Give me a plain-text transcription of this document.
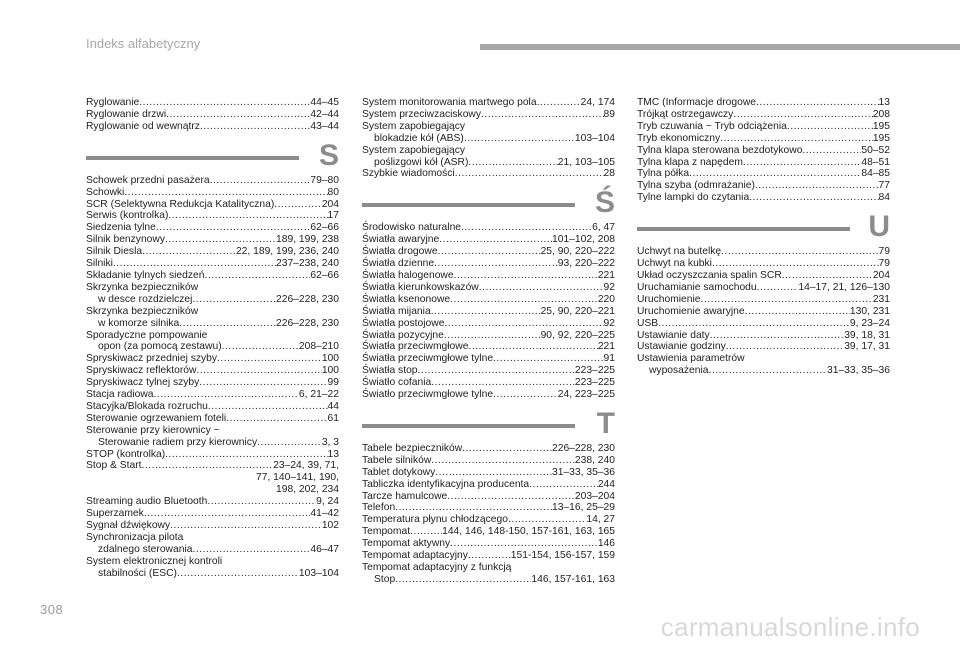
Indeks alfabetyczny
Ryglowanie .....	44–45
Ryglowanie drzwi .....	42–44
Ryglowanie od wewnątrz .....	43–44
S
Schowek przedni pasażera .....	79–80
Schowki .....	80
SCR (Selektywna Redukcja Katalityczna) .....	204
Serwis (kontrolka) .....	17
Siedzenia tylne .....	62–66
Silnik benzynowy .....	189, 199, 238
Silnik Diesla .....	22, 189, 199, 236, 240
Silniki .....	237–238, 240
Składanie tylnych siedzeń .....	62–66
Skrzynka bezpieczników
w desce rozdzielczej .....	226–228, 230
Skrzynka bezpieczników
w komorze silnika .....	226–228, 230
Sporadyczne pompowanie
opon (za pomocą zestawu) .....	208–210
Spryskiwacz przedniej szyby .....	100
Spryskiwacz reflektorów .....	100
Spryskiwacz tylnej szyby .....	99
Stacja radiowa .....	6, 21–22
Stacyjka/Blokada rozruchu .....	44
Sterowanie ogrzewaniem foteli .....	61
Sterowanie przy kierownicy ~
Sterowanie radiem przy kierownicy .....	3, 3
STOP (kontrolka) .....	13
Stop & Start .....	23–24, 39, 71,
77, 140–141, 190,
198, 202, 234
Streaming audio Bluetooth .....	9, 24
Superzamek .....	41–42
Sygnał dźwiękowy .....	102
Synchronizacja pilota
zdalnego sterowania .....	46–47
System elektronicznej kontroli
stabilności (ESC) .....	103–104
System monitorowania martwego pola .....	24, 174
System przeciwzaciskowy .....	89
System zapobiegający
blokadzie kół (ABS) .....	103–104
System zapobiegający
poślizgowi kół (ASR) .....	21, 103–105
Szybkie wiadomości .....	28
Ś
Środowisko naturalne .....	6, 47
Światła awaryjne .....	101–102, 208
Światła drogowe .....	25, 90, 220–222
Światła dzienne .....	93, 220–222
Światła halogenowe .....	221
Światła kierunkowskazów .....	92
Światła ksenonowe .....	220
Światła mijania .....	25, 90, 220–221
Światła postojowe .....	92
Światła pozycyjne .....	90, 92, 220–225
Światła przeciwmgłowe .....	221
Światła przeciwmgłowe tylne .....	91
Światła stop .....	223–225
Światło cofania .....	223–225
Światło przeciwmgłowe tylne .....	24, 223–225
T
Tabele bezpieczników .....	226–228, 230
Tabele silników .....	238, 240
Tablet dotykowy .....	31–33, 35–36
Tabliczka identyfikacyjna producenta .....	244
Tarcze hamulcowe .....	203–204
Telefon .....	13–16, 25–29
Temperatura płynu chłodzącego .....	14, 27
Tempomat .....	144, 146, 148-150, 157-161, 163, 165
Tempomat aktywny .....	146
Tempomat adaptacyjny .....	151-154, 156-157, 159
Tempomat adaptacyjny z funkcją
Stop .....	146, 157-161, 163
TMC (Informacje drogowe .....	13
Trójkąt ostrzegawczy .....	208
Tryb czuwania ~ Tryb odciążenia .....	195
Tryb ekonomiczny .....	195
Tylna klapa sterowana bezdotykowo .....	50–52
Tylna klapa z napędem .....	48–51
Tylna półka .....	84–85
Tylna szyba (odmrażanie) .....	77
Tylne lampki do czytania .....	84
U
Uchwyt na butelkę .....	79
Uchwyt na kubki .....	79
Układ oczyszczania spalin SCR .....	204
Uruchamianie samochodu .....	14–17, 21, 126–130
Uruchomienie .....	231
Uruchomienie awaryjne .....	130, 231
USB .....	9, 23–24
Ustawianie daty .....	39, 18, 31
Ustawianie godziny .....	39, 17, 31
Ustawienia parametrów
wyposażenia .....	31–33, 35–36
308
carmanualsonline.info
